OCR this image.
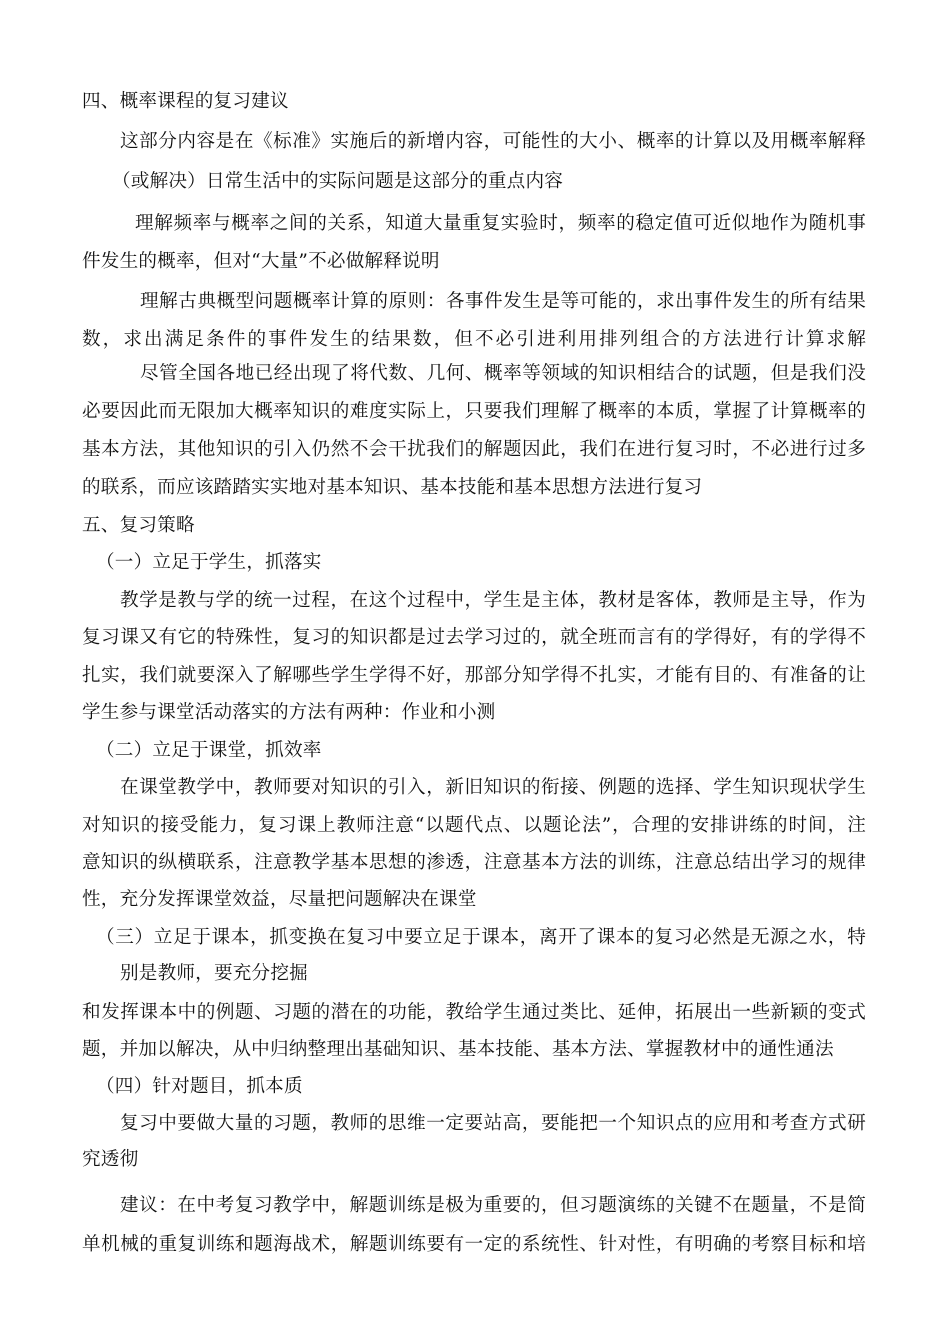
四、概率课程的复习建议
这部分内容是在《标准》实施后的新增内容，可能性的大小、概率的计算以及用概率解释
（或解决）日常生活中的实际问题是这部分的重点内容
理解频率与概率之间的关系，知道大量重复实验时，频率的稳定值可近似地作为随机事
件发生的概率，但对“大量”不必做解释说明
理解古典概型问题概率计算的原则：各事件发生是等可能的，求出事件发生的所有结果
数，求出满足条件的事件发生的结果数，但不必引进利用排列组合的方法进行计算求解
尽管全国各地已经出现了将代数、几何、概率等领域的知识相结合的试题，但是我们没
必要因此而无限加大概率知识的难度实际上，只要我们理解了概率的本质，掌握了计算概率的
基本方法，其他知识的引入仍然不会干扰我们的解题因此，我们在进行复习时，不必进行过多
的联系，而应该踏踏实实地对基本知识、基本技能和基本思想方法进行复习
五、复习策略
（一）立足于学生，抓落实
教学是教与学的统一过程，在这个过程中，学生是主体，教材是客体，教师是主导，作为
复习课又有它的特殊性，复习的知识都是过去学习过的，就全班而言有的学得好，有的学得不
扎实，我们就要深入了解哪些学生学得不好，那部分知学得不扎实，才能有目的、有准备的让
学生参与课堂活动落实的方法有两种：作业和小测
（二）立足于课堂，抓效率
在课堂教学中，教师要对知识的引入，新旧知识的衔接、例题的选择、学生知识现状学生
对知识的接受能力，复习课上教师注意“以题代点、以题论法”，合理的安排讲练的时间，注
意知识的纵横联系，注意教学基本思想的渗透，注意基本方法的训练，注意总结出学习的规律
性，充分发挥课堂效益，尽量把问题解决在课堂
（三）立足于课本，抓变换在复习中要立足于课本，离开了课本的复习必然是无源之水，特
别是教师，要充分挖掘
和发挥课本中的例题、习题的潜在的功能，教给学生通过类比、延伸，拓展出一些新颖的变式
题，并加以解决，从中归纳整理出基础知识、基本技能、基本方法、掌握教材中的通性通法
（四）针对题目，抓本质
复习中要做大量的习题，教师的思维一定要站高，要能把一个知识点的应用和考查方式研
究透彻
建议：在中考复习教学中，解题训练是极为重要的，但习题演练的关键不在题量，不是简
单机械的重复训练和题海战术，解题训练要有一定的系统性、针对性，有明确的考察目标和培
